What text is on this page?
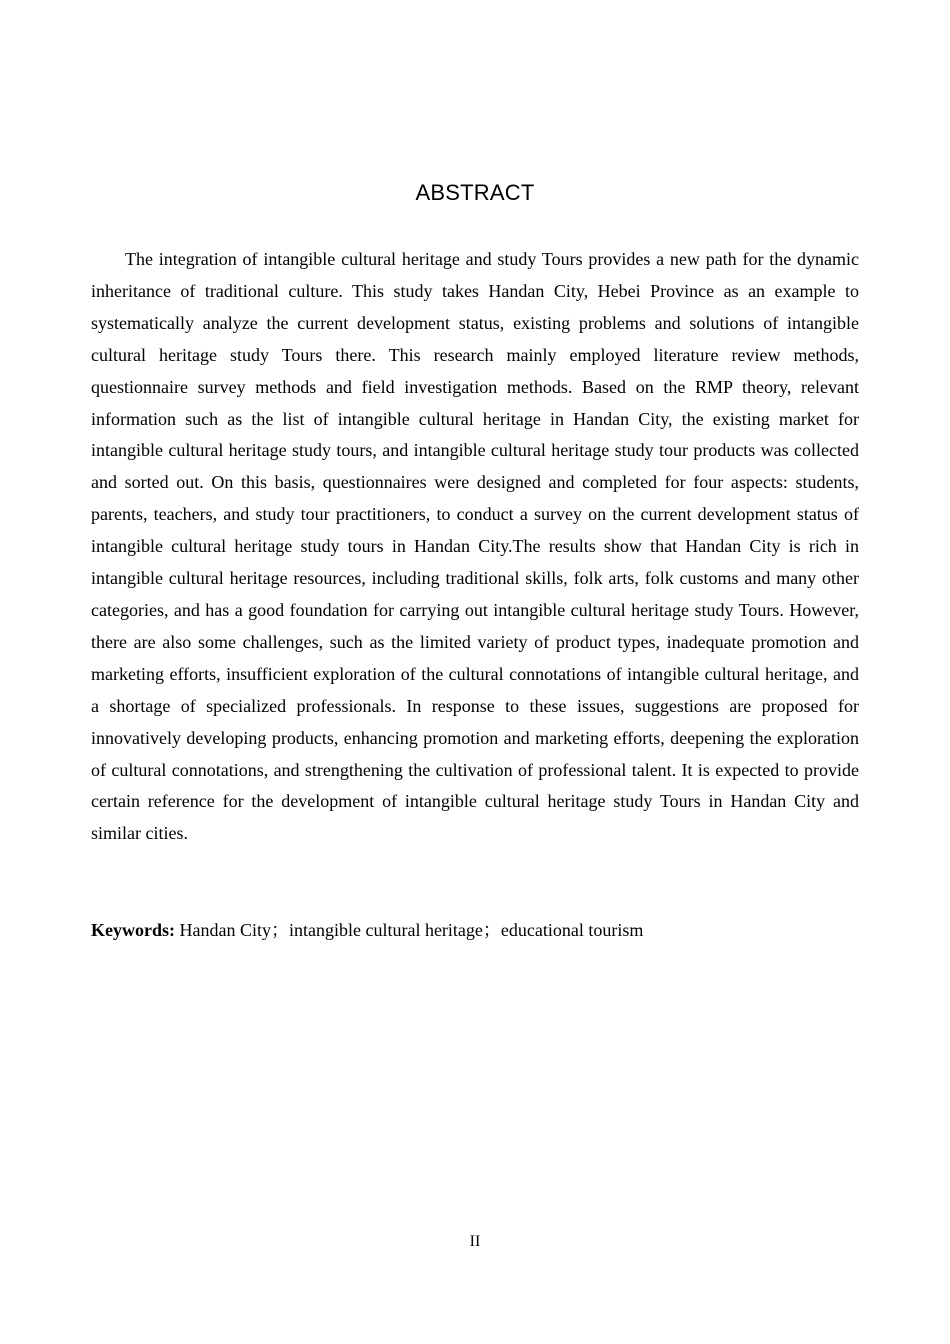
ABSTRACT

The integration of intangible cultural heritage and study Tours provides a new path for the dynamic inheritance of traditional culture. This study takes Handan City, Hebei Province as an example to systematically analyze the current development status, existing problems and solutions of intangible cultural heritage study Tours there. This research mainly employed literature review methods, questionnaire survey methods and field investigation methods. Based on the RMP theory, relevant information such as the list of intangible cultural heritage in Handan City, the existing market for intangible cultural heritage study tours, and intangible cultural heritage study tour products was collected and sorted out. On this basis, questionnaires were designed and completed for four aspects: students, parents, teachers, and study tour practitioners, to conduct a survey on the current development status of intangible cultural heritage study tours in Handan City.The results show that Handan City is rich in intangible cultural heritage resources, including traditional skills, folk arts, folk customs and many other categories, and has a good foundation for carrying out intangible cultural heritage study Tours. However, there are also some challenges, such as the limited variety of product types, inadequate promotion and marketing efforts, insufficient exploration of the cultural connotations of intangible cultural heritage, and a shortage of specialized professionals. In response to these issues, suggestions are proposed for innovatively developing products, enhancing promotion and marketing efforts, deepening the exploration of cultural connotations, and strengthening the cultivation of professional talent. It is expected to provide certain reference for the development of intangible cultural heritage study Tours in Handan City and similar cities.

Keywords: Handan City；intangible cultural heritage；educational tourism
II
